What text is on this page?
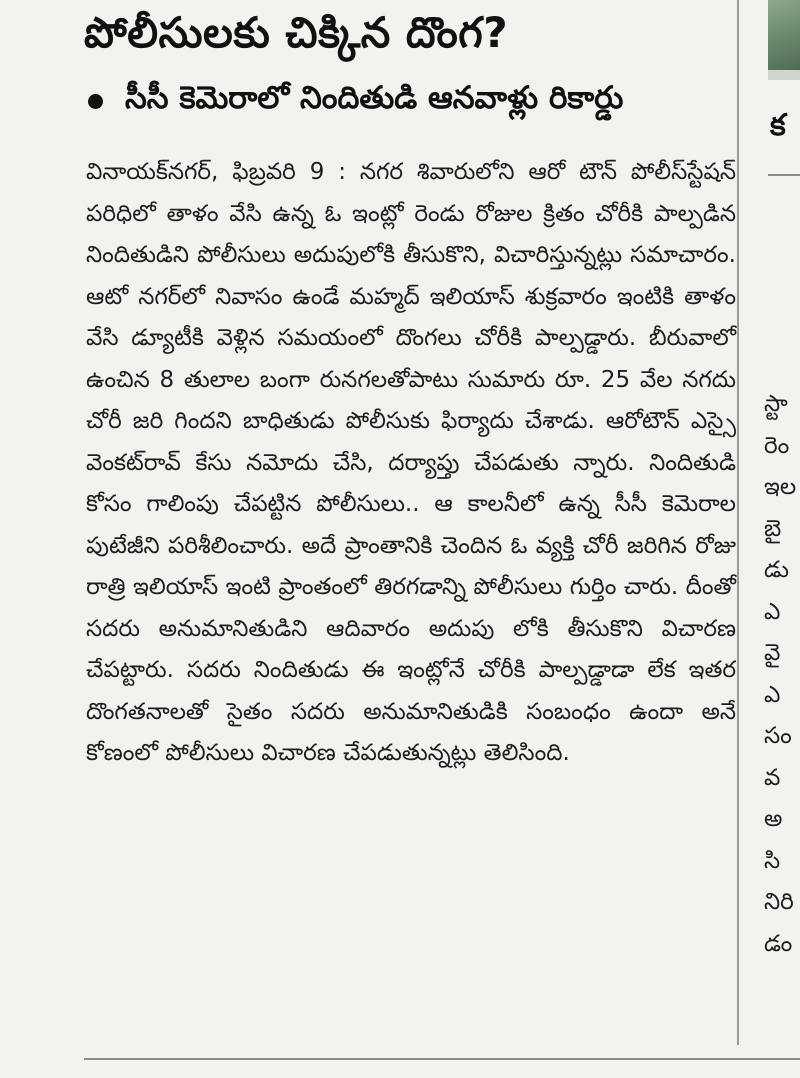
పోలీసులకు చిక్కిన దొంగ?
సీసీ కెమెరాలో నిందితుడి ఆనవాళ్లు రికార్డు

వినాయక్‌నగర్, ఫిబ్రవరి 9 : నగర శివారులోని ఆరో టౌన్ పోలీస్‌స్టేషన్ పరిధిలో తాళం వేసి ఉన్న ఓ ఇంట్లో రెండు రోజుల క్రితం చోరీకి పాల్పడిన నిందితుడిని పోలీసులు అదుపులోకి తీసుకొని, విచారిస్తున్నట్లు సమాచారం. ఆటో నగర్‌లో నివాసం ఉండే మహ్మద్ ఇలియాస్ శుక్రవారం ఇంటికి తాళం వేసి డ్యూటీకి వెళ్లిన సమయంలో దొంగలు చోరీకి పాల్పడ్డారు. బీరువాలో ఉంచిన 8 తులాల బంగా రునగలతోపాటు సుమారు రూ. 25 వేల నగదు చోరీ జరి గిందని బాధితుడు పోలీసుకు ఫిర్యాదు చేశాడు. ఆరోటౌన్ ఎస్సై వెంకట్‌రావ్ కేసు నమోదు చేసి, దర్యాప్తు చేపడుతు న్నారు. నిందితుడి కోసం గాలింపు చేపట్టిన పోలీసులు.. ఆ కాలనీలో ఉన్న సీసీ కెమెరాల పుటేజీని పరిశీలించారు. అదే ప్రాంతానికి చెందిన ఓ వ్యక్తి చోరీ జరిగిన రోజు రాత్రి ఇలియాస్ ఇంటి ప్రాంతంలో తిరగడాన్ని పోలీసులు గుర్తిం చారు. దీంతో సదరు అనుమానితుడిని ఆదివారం అదుపు లోకి తీసుకొని విచారణ చేపట్టారు. సదరు నిందితుడు ఈ ఇంట్లోనే చోరీకి పాల్పడ్డాడా లేక ఇతర దొంగతనాలతో సైతం సదరు అనుమానితుడికి సంబంధం ఉందా అనే కోణంలో పోలీసులు విచారణ చేపడుతున్నట్లు తెలిసింది.

క
స్టా
రెం
ఇల
బై
డు
ఎ
వై
ఎ
సం
వ
అ
సి
నిరి
డం
